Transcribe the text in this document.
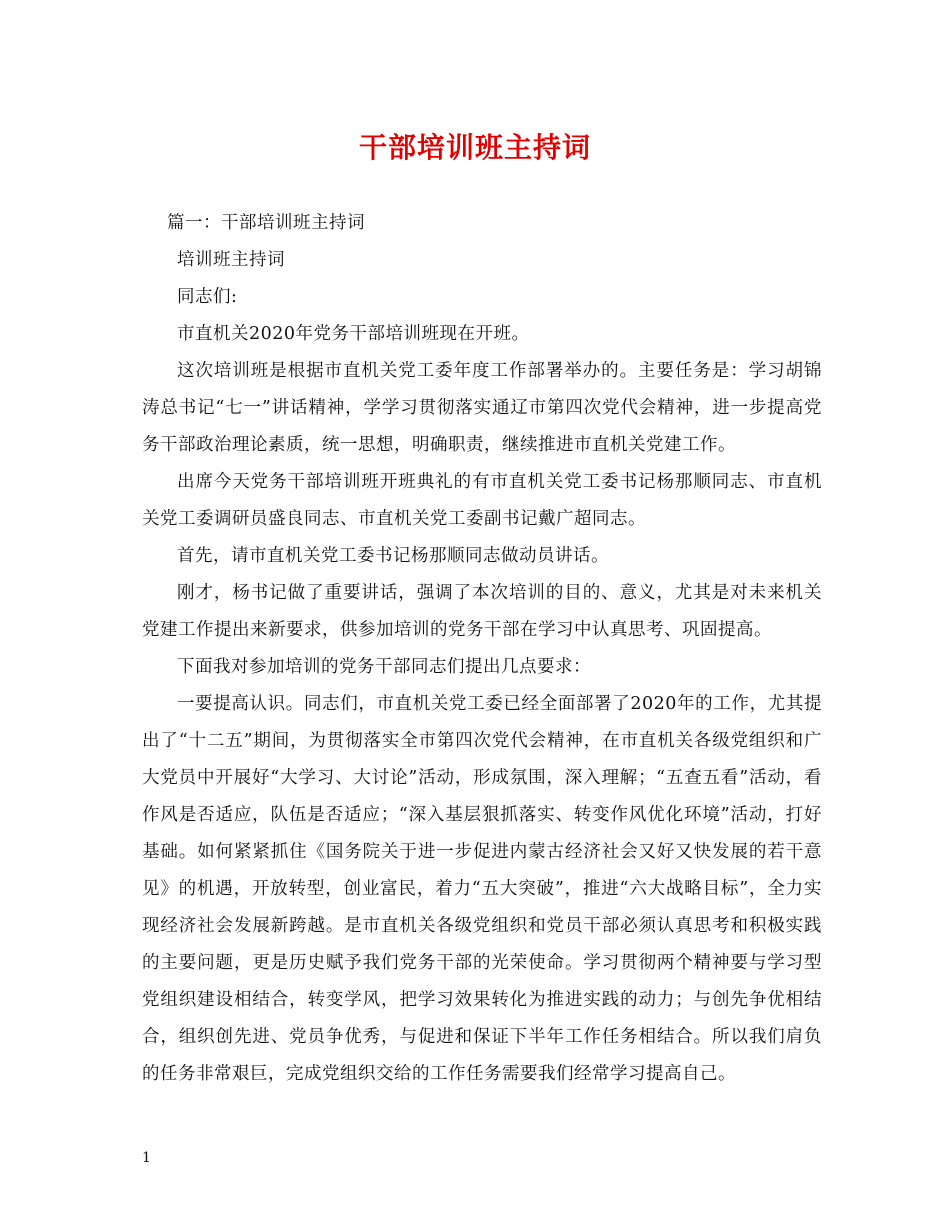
干部培训班主持词

篇一：干部培训班主持词

培训班主持词

同志们:

市直机关2020年党务干部培训班现在开班。

这次培训班是根据市直机关党工委年度工作部署举办的。主要任务是：学习胡锦涛总书记“七一”讲话精神，学学习贯彻落实通辽市第四次党代会精神，进一步提高党务干部政治理论素质，统一思想，明确职责，继续推进市直机关党建工作。

出席今天党务干部培训班开班典礼的有市直机关党工委书记杨那顺同志、市直机关党工委调研员盛良同志、市直机关党工委副书记戴广超同志。

首先，请市直机关党工委书记杨那顺同志做动员讲话。

刚才，杨书记做了重要讲话，强调了本次培训的目的、意义，尤其是对未来机关党建工作提出来新要求，供参加培训的党务干部在学习中认真思考、巩固提高。

下面我对参加培训的党务干部同志们提出几点要求：

一要提高认识。同志们，市直机关党工委已经全面部署了2020年的工作，尤其提出了“十二五”期间，为贯彻落实全市第四次党代会精神，在市直机关各级党组织和广大党员中开展好“大学习、大讨论”活动，形成氛围，深入理解；“五查五看”活动，看作风是否适应，队伍是否适应；“深入基层狠抓落实、转变作风优化环境”活动，打好基础。如何紧紧抓住《国务院关于进一步促进内蒙古经济社会又好又快发展的若干意见》的机遇，开放转型，创业富民，着力“五大突破”，推进“六大战略目标”，全力实现经济社会发展新跨越。是市直机关各级党组织和党员干部必须认真思考和积极实践的主要问题，更是历史赋予我们党务干部的光荣使命。学习贯彻两个精神要与学习型党组织建设相结合，转变学风，把学习效果转化为推进实践的动力；与创先争优相结合，组织创先进、党员争优秀，与促进和保证下半年工作任务相结合。所以我们肩负的任务非常艰巨，完成党组织交给的工作任务需要我们经常学习提高自己。

1
